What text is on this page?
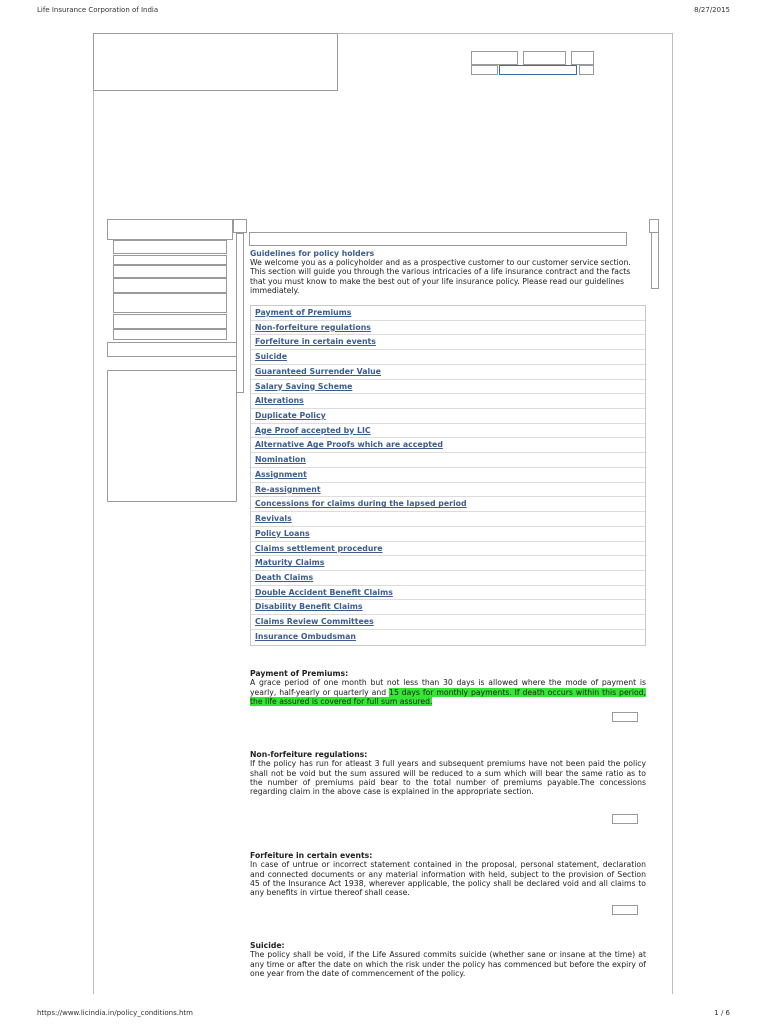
Life Insurance Corporation of India	8/27/2015
Guidelines for policy holders
We welcome you as a policyholder and as a prospective customer to our customer service section. This section will guide you through the various intricacies of a life insurance contract and the facts that you must know to make the best out of your life insurance policy. Please read our guidelines immediately.
Payment of Premiums
Non-forfeiture regulations
Forfeiture in certain events
Suicide
Guaranteed Surrender Value
Salary Saving Scheme
Alterations
Duplicate Policy
Age Proof accepted by LIC
Alternative Age Proofs which are accepted
Nomination
Assignment
Re-assignment
Concessions for claims during the lapsed period
Revivals
Policy Loans
Claims settlement procedure
Maturity Claims
Death Claims
Double Accident Benefit Claims
Disability Benefit Claims
Claims Review Committees
Insurance Ombudsman
Payment of Premiums:
A grace period of one month but not less than 30 days is allowed where the mode of payment is yearly, half-yearly or quarterly and 15 days for monthly payments. If death occurs within this period, the life assured is covered for full sum assured.
Non-forfeiture regulations:
If the policy has run for atleast 3 full years and subsequent premiums have not been paid the policy shall not be void but the sum assured will be reduced to a sum which will bear the same ratio as to the number of premiums paid bear to the total number of premiums payable.The concessions regarding claim in the above case is explained in the appropriate section.
Forfeiture in certain events:
In case of untrue or incorrect statement contained in the proposal, personal statement, declaration and connected documents or any material information with held, subject to the provision of Section 45 of the Insurance Act 1938, wherever applicable, the policy shall be declared void and all claims to any benefits in virtue thereof shall cease.
Suicide:
The policy shall be void, if the Life Assured commits suicide (whether sane or insane at the time) at any time or after the date on which the risk under the policy has commenced but before the expiry of one year from the date of commencement of the policy.
https://www.licindia.in/policy_conditions.htm	1 / 6
